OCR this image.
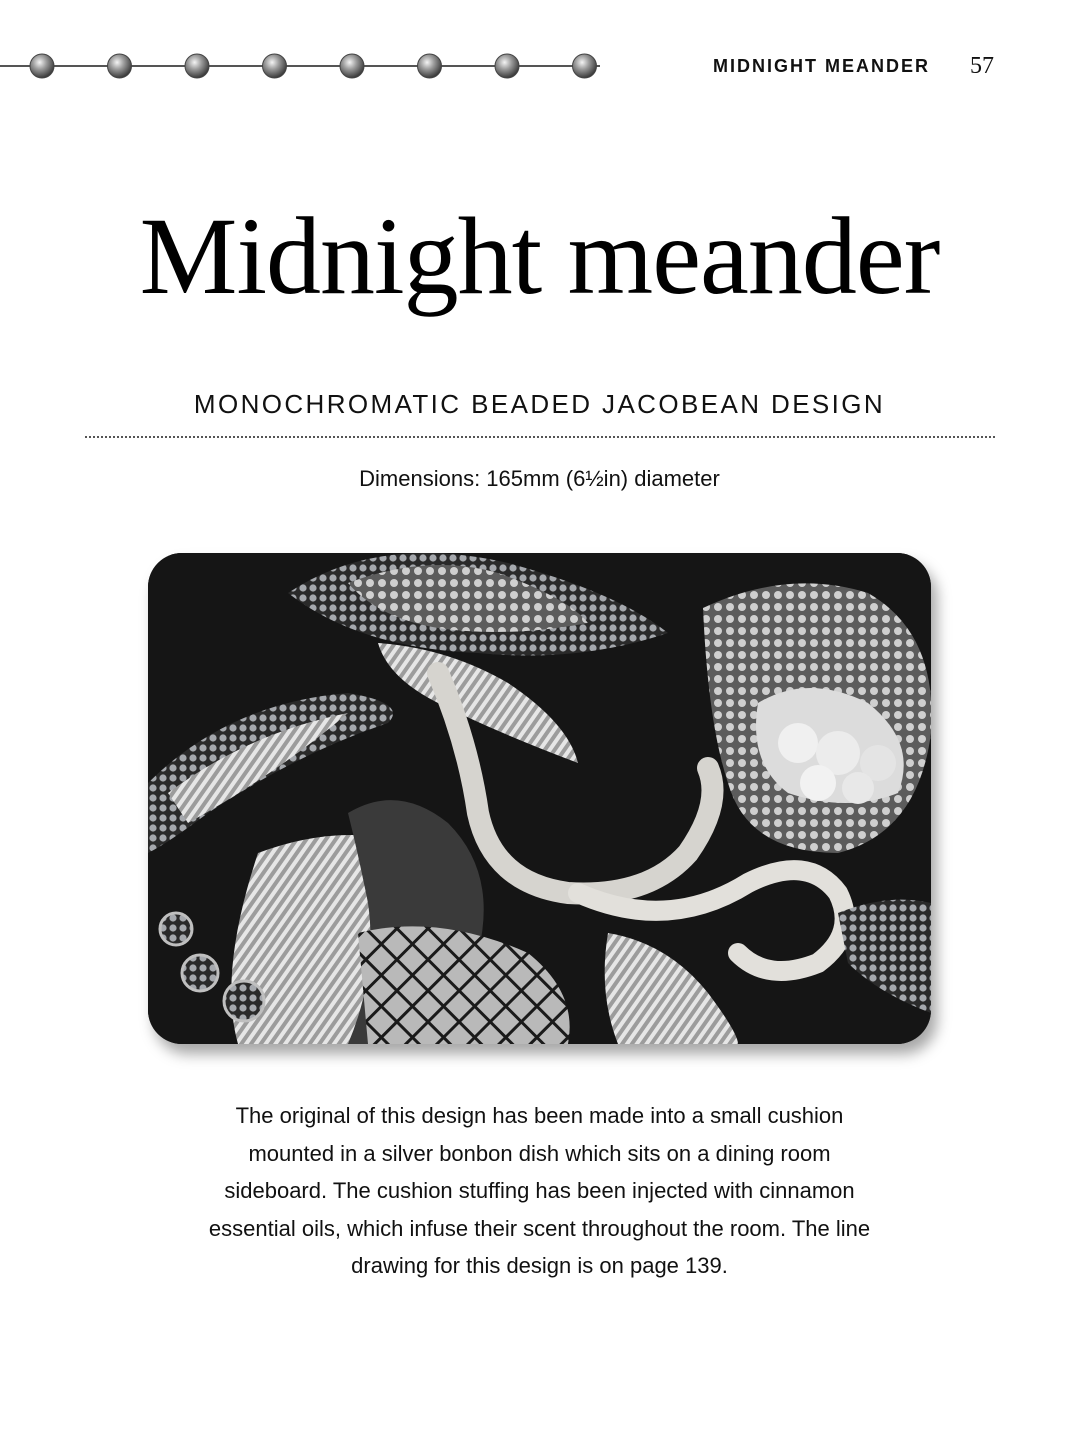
MIDNIGHT MEANDER 57
Midnight meander
MONOCHROMATIC BEADED JACOBEAN DESIGN
Dimensions: 165mm (6½in) diameter

The original of this design has been made into a small cushion mounted in a silver bonbon dish which sits on a dining room sideboard. The cushion stuffing has been injected with cinnamon essential oils, which infuse their scent throughout the room. The line drawing for this design is on page 139.
